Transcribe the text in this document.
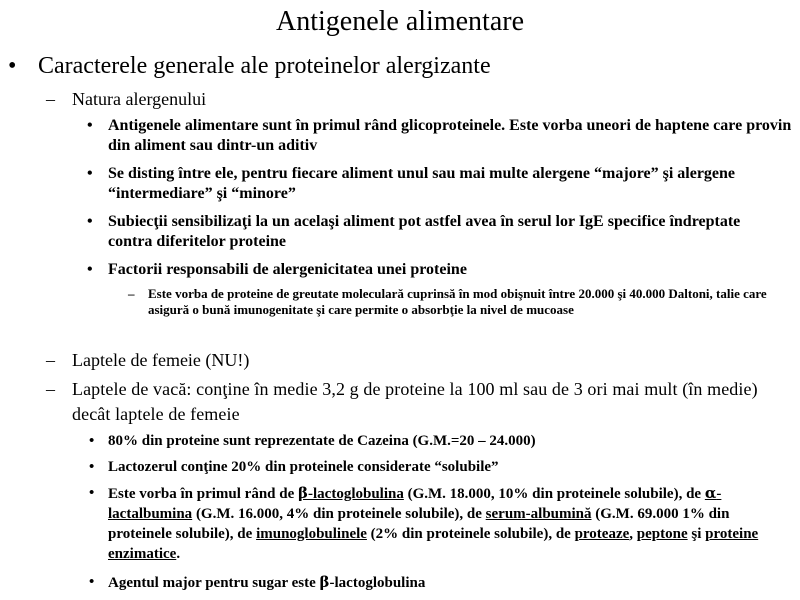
Antigenele alimentare
• Caracterele generale ale proteinelor alergizante
– Natura alergenului
• Antigenele alimentare sunt în primul rând glicoproteinele. Este vorba uneori de haptene care provin din aliment sau dintr-un aditiv
• Se disting între ele, pentru fiecare aliment unul sau mai multe alergene “majore” şi alergene “intermediare” şi “minore”
• Subiecţii sensibilizaţi la un acelaşi aliment pot astfel avea în serul lor IgE specifice îndreptate contra diferitelor proteine
• Factorii responsabili de alergenicitatea unei proteine
– Este vorba de proteine de greutate moleculară cuprinsă în mod obişnuit între 20.000 şi 40.000 Daltoni, talie care asigură o bună imunogenitate şi care permite o absorbţie la nivel de mucoase
– Laptele de femeie (NU!)
– Laptele de vacă: conţine în medie 3,2 g de proteine la 100 ml sau de 3 ori mai mult (în medie) decât laptele de femeie
• 80% din proteine sunt reprezentate de Cazeina (G.M.=20 – 24.000)
• Lactozerul conţine 20% din proteinele considerate “solubile”
• Este vorba în primul rând de β-lactoglobulina (G.M. 18.000, 10% din proteinele solubile), de α-lactalbumina (G.M. 16.000, 4% din proteinele solubile), de serum-albumină (G.M. 69.000 1% din proteinele solubile), de imunoglobulinele (2% din proteinele solubile), de proteaze, peptone şi proteine enzimatice.
• Agentul major pentru sugar este β-lactoglobulina
